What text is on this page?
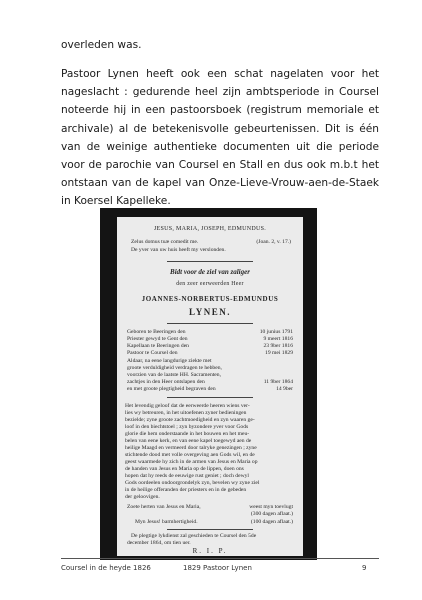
overleden was.

Pastoor Lynen heeft ook een schat nagelaten voor het nageslacht : gedurende heel zijn ambtsperiode in Coursel noteerde hij in een pastoorsboek (registrum memoriale et archivale) al de betekenisvolle gebeurtenissen. Dit is één van de weinige authentieke documenten uit die periode voor de parochie van Coursel en Stall en dus ook m.b.t het ontstaan van de kapel van Onze-Lieve-Vrouw-aen-de-Staek in Koersel Kapelleke.

JESUS, MARIA, JOSEPH, EDMUNDUS.

Zelus domus tuæ comedit me.	(Joan. 2, v. 17.)

De yver van uw huis heeft my verslonden.

Bidt voor de ziel van zaliger

den zeer eerweerden Heer

JOANNES-NORBERTUS-EDMUNDUS

LYNEN.

Geboren te Beeringen den	10 junius 1791
Priester gewyd te Gent den	9 meert 1816
Kapellaan te Beeringen den	23 9ber 1816
Pastoor te Coursel den	19 mei 1829

Aldaar, na eene langdurige ziekte met

groote verduldigheid verdragen te hebben,

voorzien van de laatste HH. Sacramenten,

zachtjes in den Heer ontslapen den	11 9ber 1864
en met groote plegtigheid begraven den	14 9ber

Het levendig geloof dat de eerweerde heeren wiens ver-

lies wy betreuren, in het uitoefenen zyner bedieningen

bezielde; zyne groote zachtmoedigheid en zyn waaren ge-

loof in den biechtstoel ; zyn byzondere yver voor Gods

glorie die hem onderstaande in het bouwen en het meu-

belen van eene kerk, en van eene kapel toegewyd aen de

heilige Maagd en vermeerd door talryke genezingen ; zyne

stichtende dood met volle overgeving aen Gods wil, en de

geest waarmede hy zich in de armen van Jesus en Maria op

de handen van Jesus en Maria op de lippen, doen ons

hopen dat hy reeds de eeuwige rust geniet ; doch dewyl

Gods oordeelen ondoorgrondelyk zyn, bevelen wy zyne ziel

in de heilige offeranden der priesters en in de gebeden

der geloovigen.

Zoete herten van Jesus en Maria,	weest myn toevlugt

(300 dagen aflaat.)

Myn Jesus! barmhertigheid.	(100 dagen aflaat.)

De plegtige lykdienst zal geschieden te Coursel den 5de

december 1864, om tien uer.

R. I. P.

Coursel in de heyde 1826	1829 Pastoor Lynen	9
